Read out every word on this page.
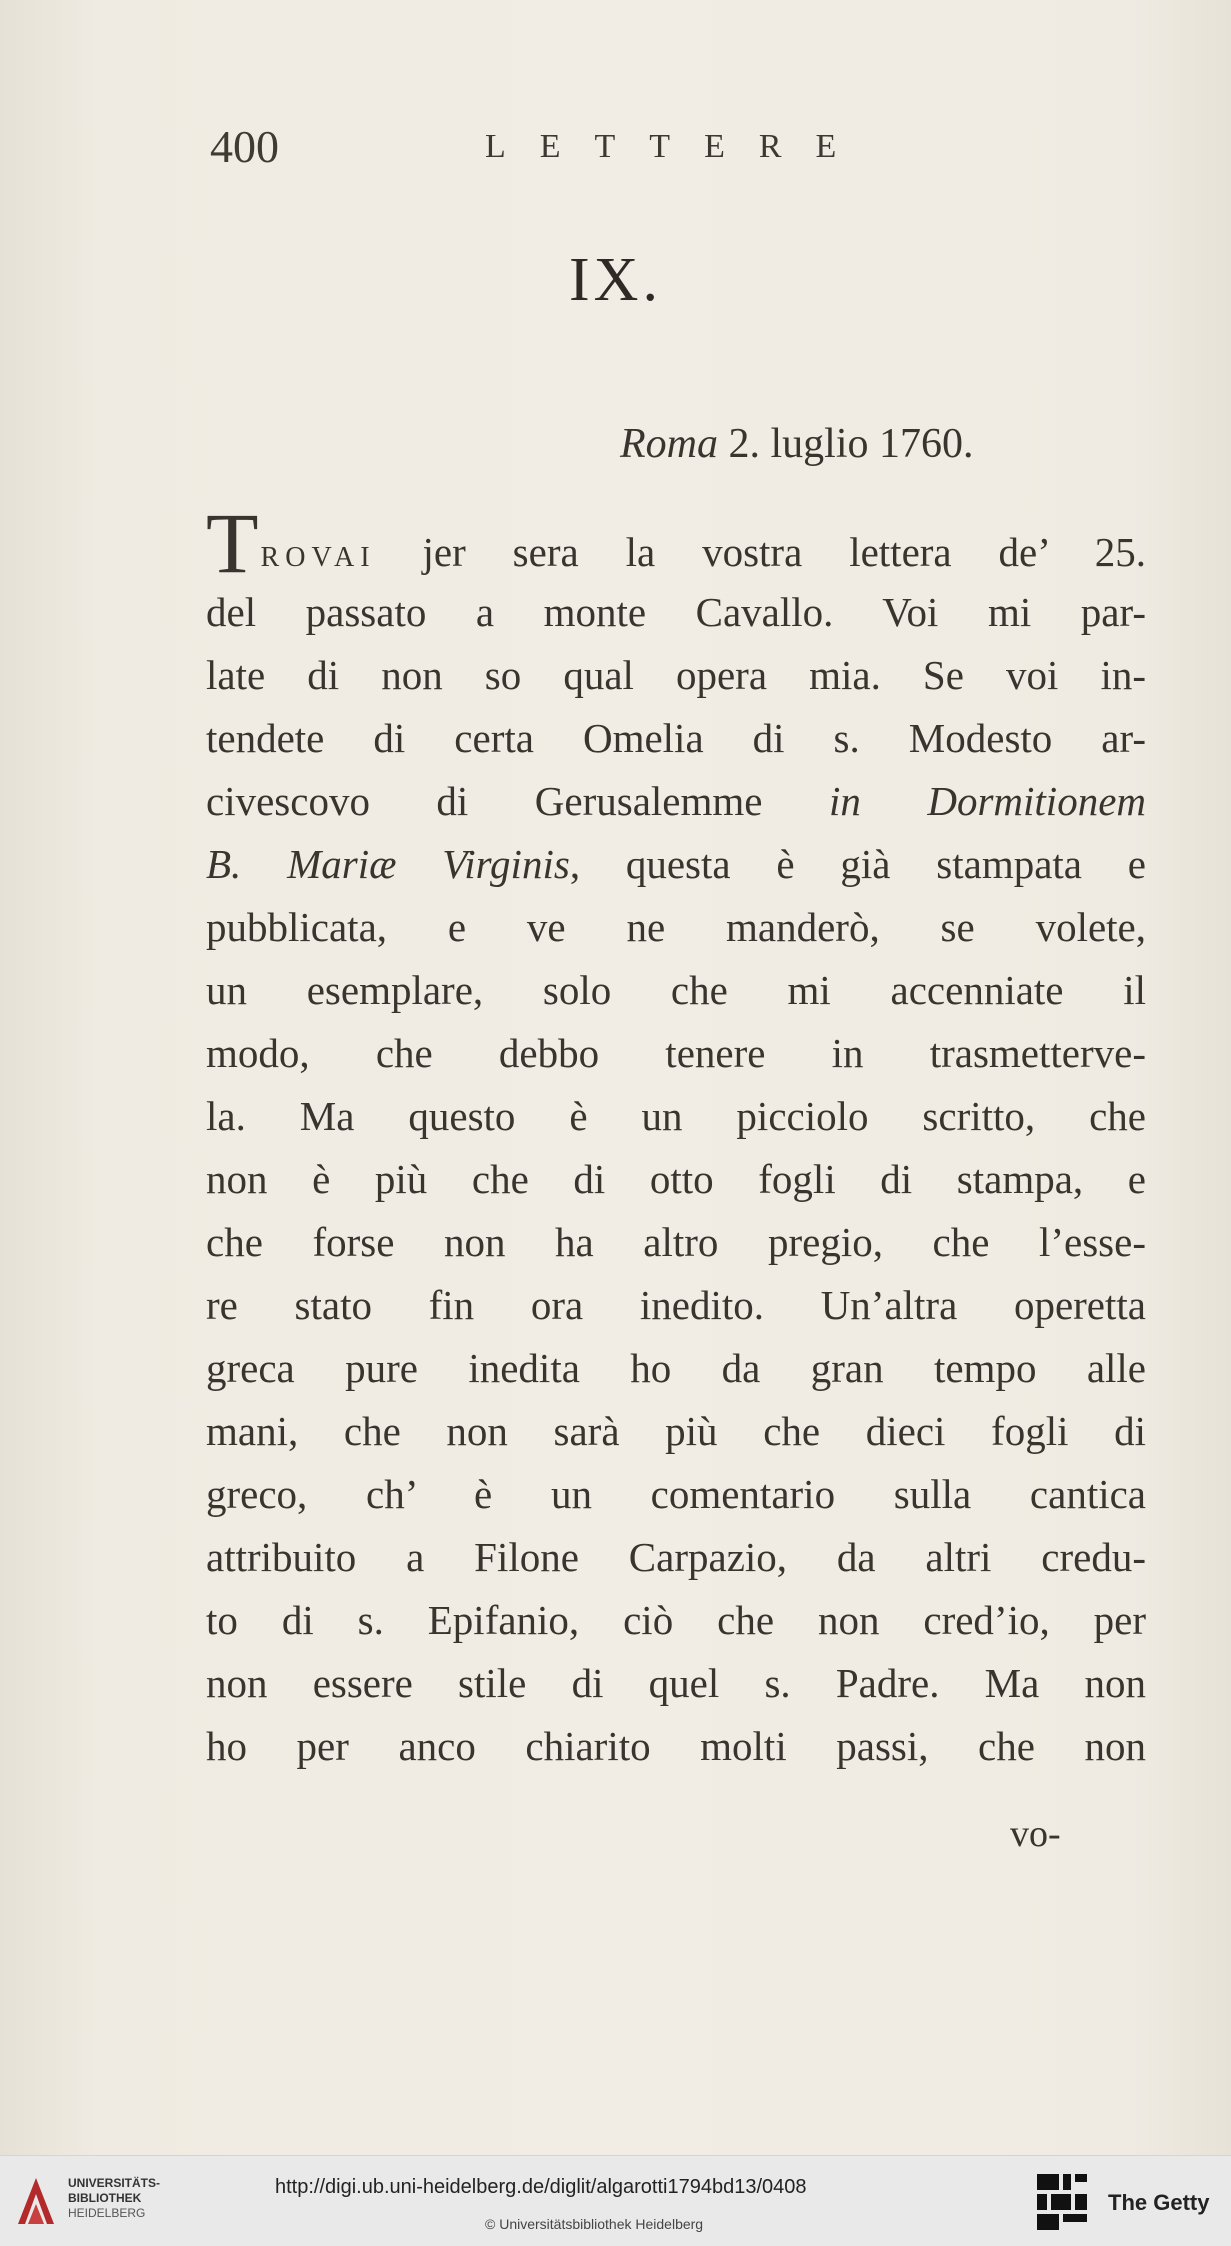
400	LETTERE
IX.
Roma 2. luglio 1760.
TROVAI jer sera la vostra lettera de’ 25.
del passato a monte Cavallo. Voi mi par-
late di non so qual opera mia. Se voi in-
tendete di certa Omelia di s. Modesto ar-
civescovo di Gerusalemme in Dormitionem
B. Mariæ Virginis, questa è già stampata e
pubblicata, e ve ne manderò, se volete,
un esemplare, solo che mi accenniate il
modo, che debbo tenere in trasmetterve-
la. Ma questo è un picciolo scritto, che
non è più che di otto fogli di stampa, e
che forse non ha altro pregio, che l’esse-
re stato fin ora inedito. Un’altra operetta
greca pure inedita ho da gran tempo alle
mani, che non sarà più che dieci fogli di
greco, ch’ è un comentario sulla cantica
attribuito a Filone Carpazio, da altri credu-
to di s. Epifanio, ciò che non cred’io, per
non essere stile di quel s. Padre. Ma non
ho per anco chiarito molti passi, che non
vo-
UNIVERSITÄTS-
BIBLIOTHEK
HEIDELBERG
http://digi.ub.uni-heidelberg.de/diglit/algarotti1794bd13/0408
© Universitätsbibliothek Heidelberg
The Getty
